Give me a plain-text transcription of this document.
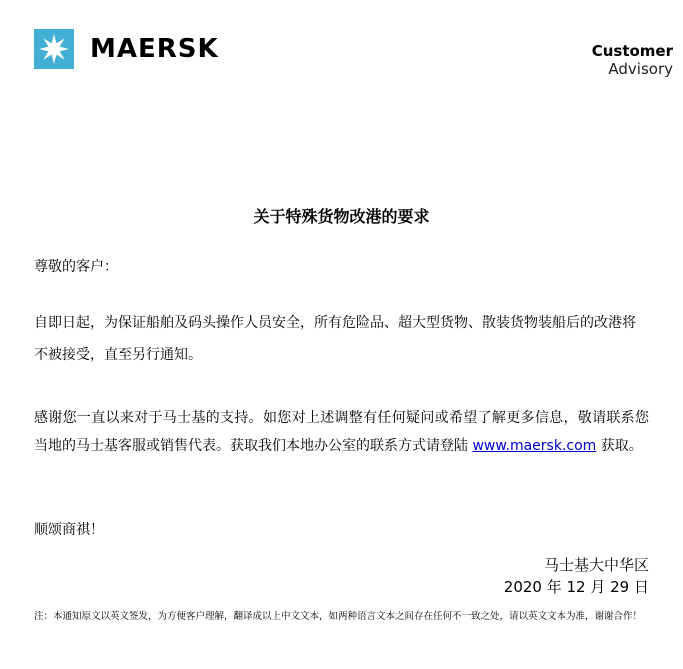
MAERSK	Customer
Advisory
关于特殊货物改港的要求
尊敬的客户：
自即日起，为保证船舶及码头操作人员安全，所有危险品、超大型货物、散装货物装船后的改港将不被接受，直至另行通知。
感谢您一直以来对于马士基的支持。如您对上述调整有任何疑问或希望了解更多信息，敬请联系您当地的马士基客服或销售代表。获取我们本地办公室的联系方式请登陆 www.maersk.com 获取。
顺颂商祺！
马士基大中华区
2020 年 12 月 29 日
注：本通知原文以英文签发，为方便客户理解，翻译成以上中文文本，如两种语言文本之间存在任何不一致之处，请以英文文本为准，谢谢合作！
